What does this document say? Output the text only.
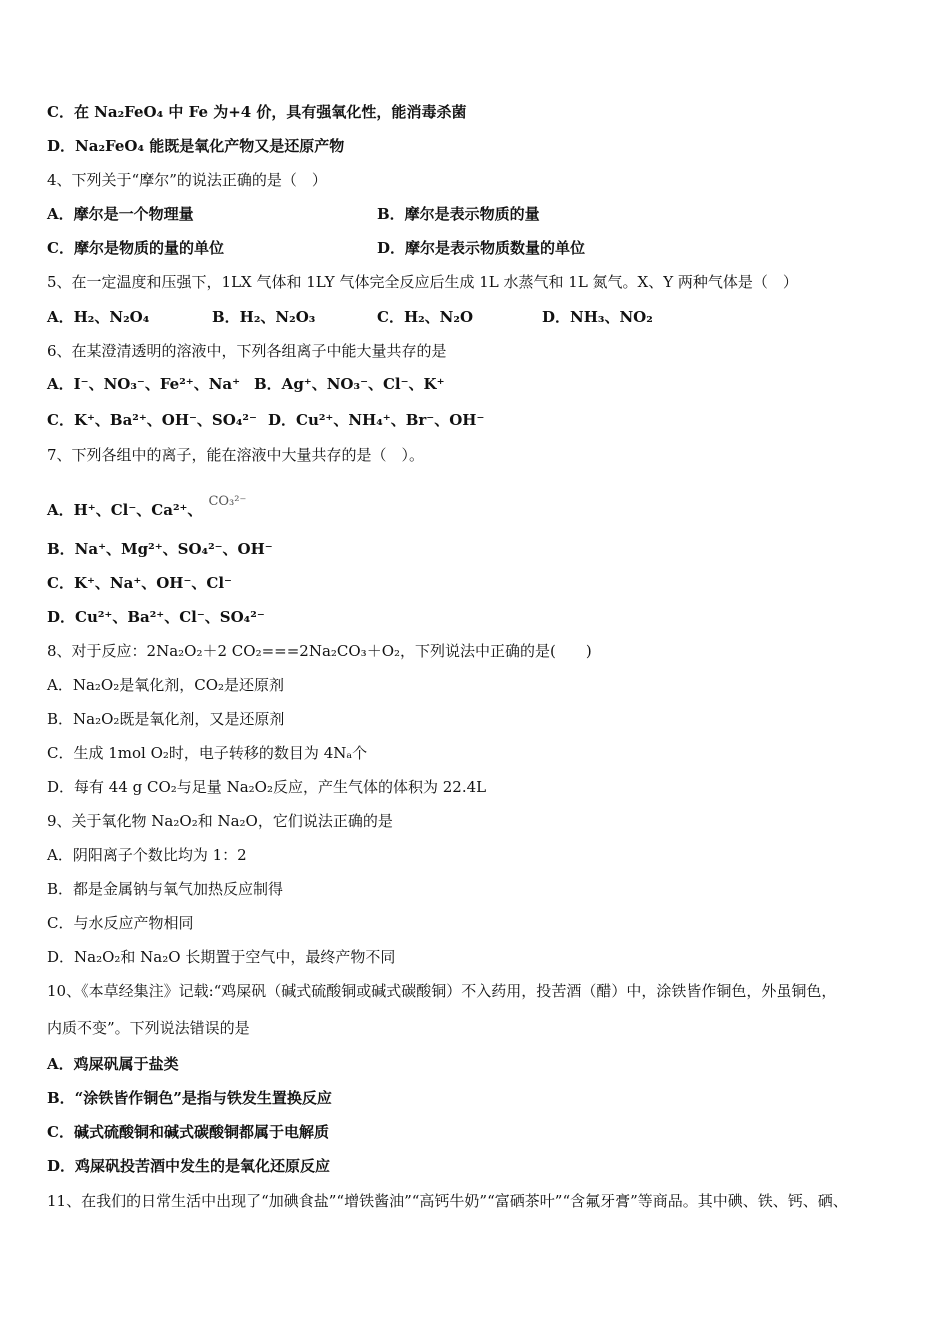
C．在 Na₂FeO₄ 中 Fe 为+4 价，具有强氧化性，能消毒杀菌
D．Na₂FeO₄ 能既是氧化产物又是还原产物
4、下列关于“摩尔”的说法正确的是（　）
A．摩尔是一个物理量	B．摩尔是表示物质的量
C．摩尔是物质的量的单位	D．摩尔是表示物质数量的单位
5、在一定温度和压强下，1LX 气体和 1LY 气体完全反应后生成 1L 水蒸气和 1L 氮气。X、Y 两种气体是（　）
A．H₂、N₂O₄	B．H₂、N₂O₃	C．H₂、N₂O	D．NH₃、NO₂
6、在某澄清透明的溶液中，下列各组离子中能大量共存的是
A．I⁻、NO₃⁻、Fe²⁺、Na⁺ B．Ag⁺、NO₃⁻、Cl⁻、K⁺
C．K⁺、Ba²⁺、OH⁻、SO₄²⁻ D．Cu²⁺、NH₄⁺、Br⁻、OH⁻
7、下列各组中的离子，能在溶液中大量共存的是（　）。
A．H⁺、Cl⁻、Ca²⁺、 CO₃²⁻
B．Na⁺、Mg²⁺、SO₄²⁻、OH⁻
C．K⁺、Na⁺、OH⁻、Cl⁻
D．Cu²⁺、Ba²⁺、Cl⁻、SO₄²⁻
8、对于反应：2Na₂O₂＋2 CO₂===2Na₂CO₃＋O₂，下列说法中正确的是(　　)
A．Na₂O₂是氧化剂，CO₂是还原剂
B．Na₂O₂既是氧化剂，又是还原剂
C．生成 1mol O₂时，电子转移的数目为 4Nₐ个
D．每有 44 g CO₂与足量 Na₂O₂反应，产生气体的体积为 22.4L
9、关于氧化物 Na₂O₂和 Na₂O，它们说法正确的是
A．阴阳离子个数比均为 1：2
B．都是金属钠与氧气加热反应制得
C．与水反应产物相同
D．Na₂O₂和 Na₂O 长期置于空气中，最终产物不同
10、《本草经集注》记载:“鸡屎矾（碱式硫酸铜或碱式碳酸铜）不入药用，投苦酒（醋）中，涂铁皆作铜色，外虽铜色，
内质不变”。下列说法错误的是
A．鸡屎矾属于盐类
B．“涂铁皆作铜色”是指与铁发生置换反应
C．碱式硫酸铜和碱式碳酸铜都属于电解质
D．鸡屎矾投苦酒中发生的是氧化还原反应
11、在我们的日常生活中出现了“加碘食盐”“增铁酱油”“高钙牛奶”“富硒茶叶”“含氟牙膏”等商品。其中碘、铁、钙、硒、
